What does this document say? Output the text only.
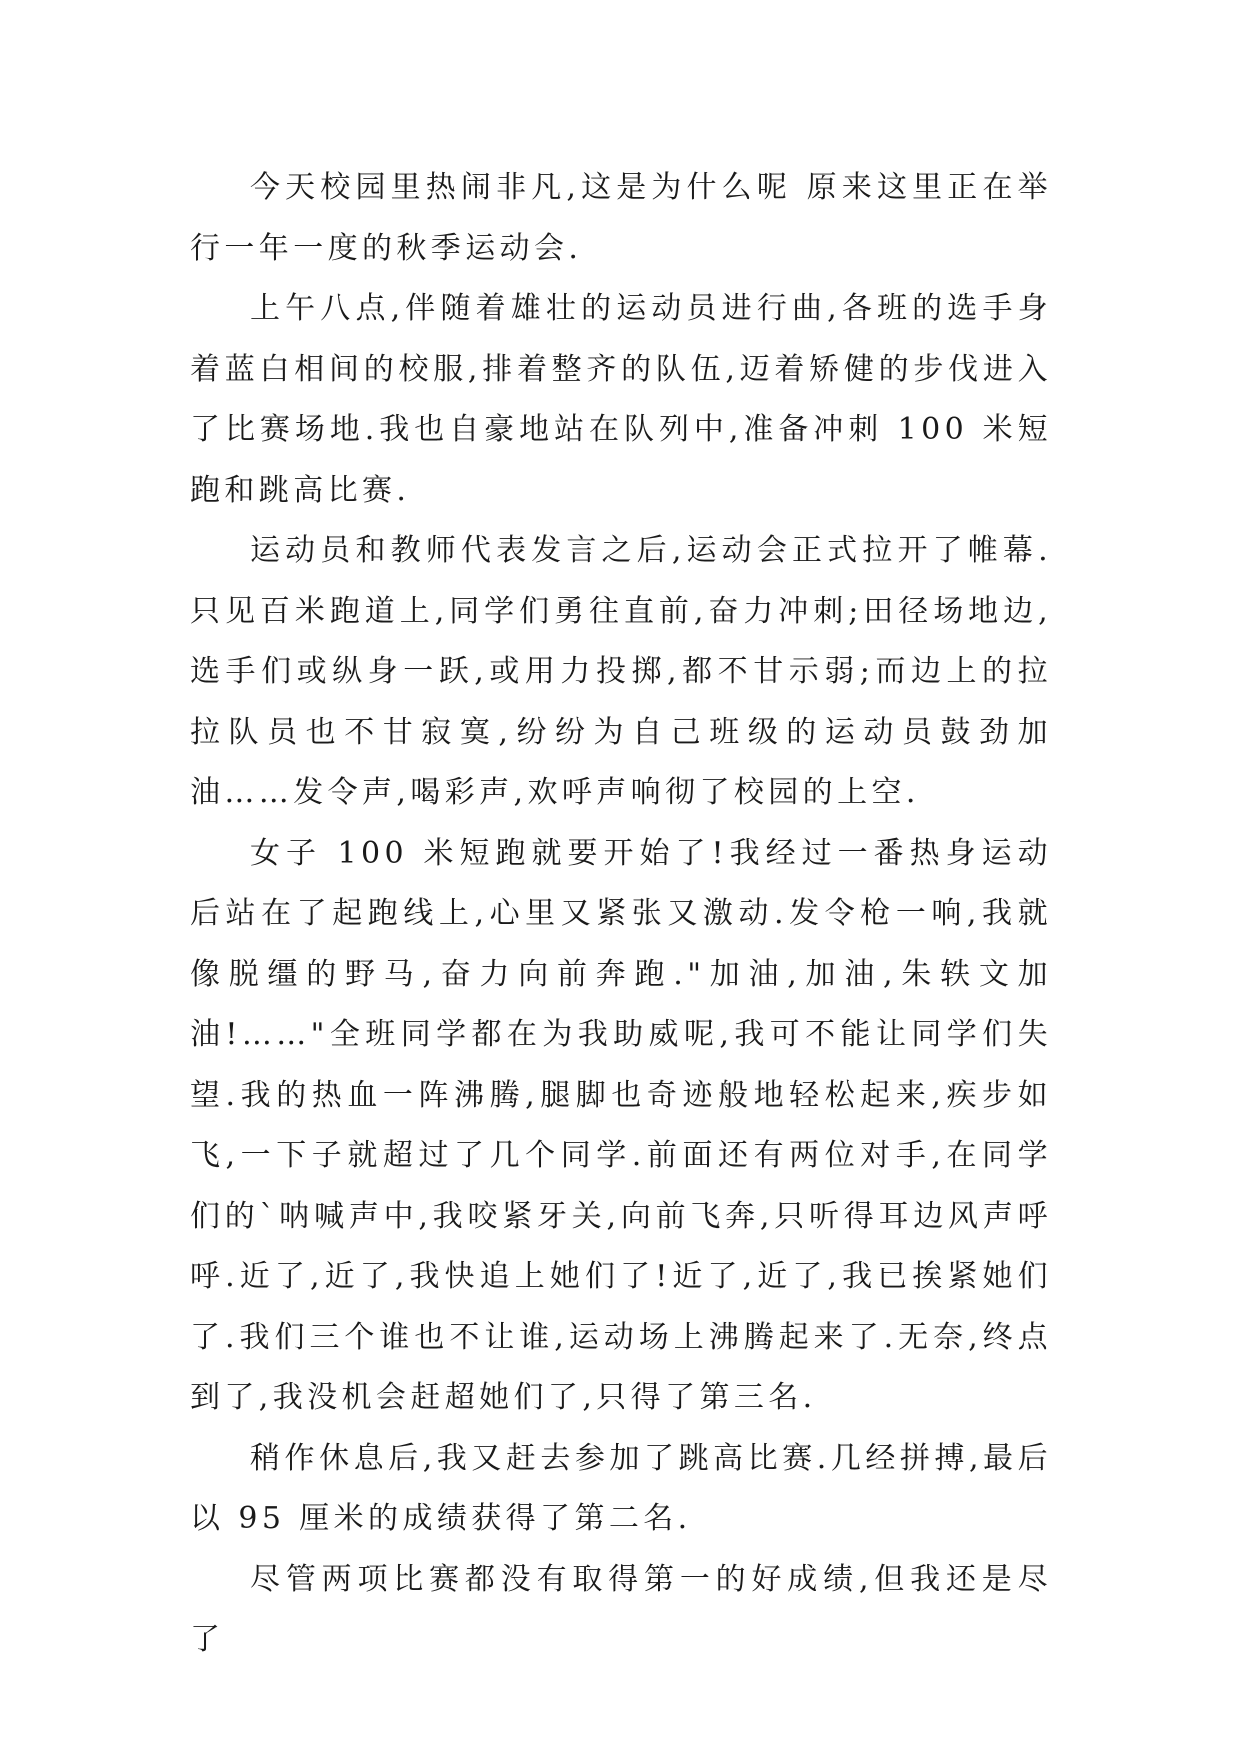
今天校园里热闹非凡,这是为什么呢 原来这里正在举行一年一度的秋季运动会.

上午八点,伴随着雄壮的运动员进行曲,各班的选手身着蓝白相间的校服,排着整齐的队伍,迈着矫健的步伐进入了比赛场地.我也自豪地站在队列中,准备冲刺 100 米短跑和跳高比赛.

运动员和教师代表发言之后,运动会正式拉开了帷幕.只见百米跑道上,同学们勇往直前,奋力冲刺;田径场地边,选手们或纵身一跃,或用力投掷,都不甘示弱;而边上的拉拉队员也不甘寂寞,纷纷为自己班级的运动员鼓劲加油……发令声,喝彩声,欢呼声响彻了校园的上空.

女子 100 米短跑就要开始了!我经过一番热身运动后站在了起跑线上,心里又紧张又激动.发令枪一响,我就像脱缰的野马,奋力向前奔跑."加油,加油,朱轶文加油!……"全班同学都在为我助威呢,我可不能让同学们失望.我的热血一阵沸腾,腿脚也奇迹般地轻松起来,疾步如飞,一下子就超过了几个同学.前面还有两位对手,在同学们的`呐喊声中,我咬紧牙关,向前飞奔,只听得耳边风声呼呼.近了,近了,我快追上她们了!近了,近了,我已挨紧她们了.我们三个谁也不让谁,运动场上沸腾起来了.无奈,终点到了,我没机会赶超她们了,只得了第三名.

稍作休息后,我又赶去参加了跳高比赛.几经拼搏,最后以 95 厘米的成绩获得了第二名.

尽管两项比赛都没有取得第一的好成绩,但我还是尽了
